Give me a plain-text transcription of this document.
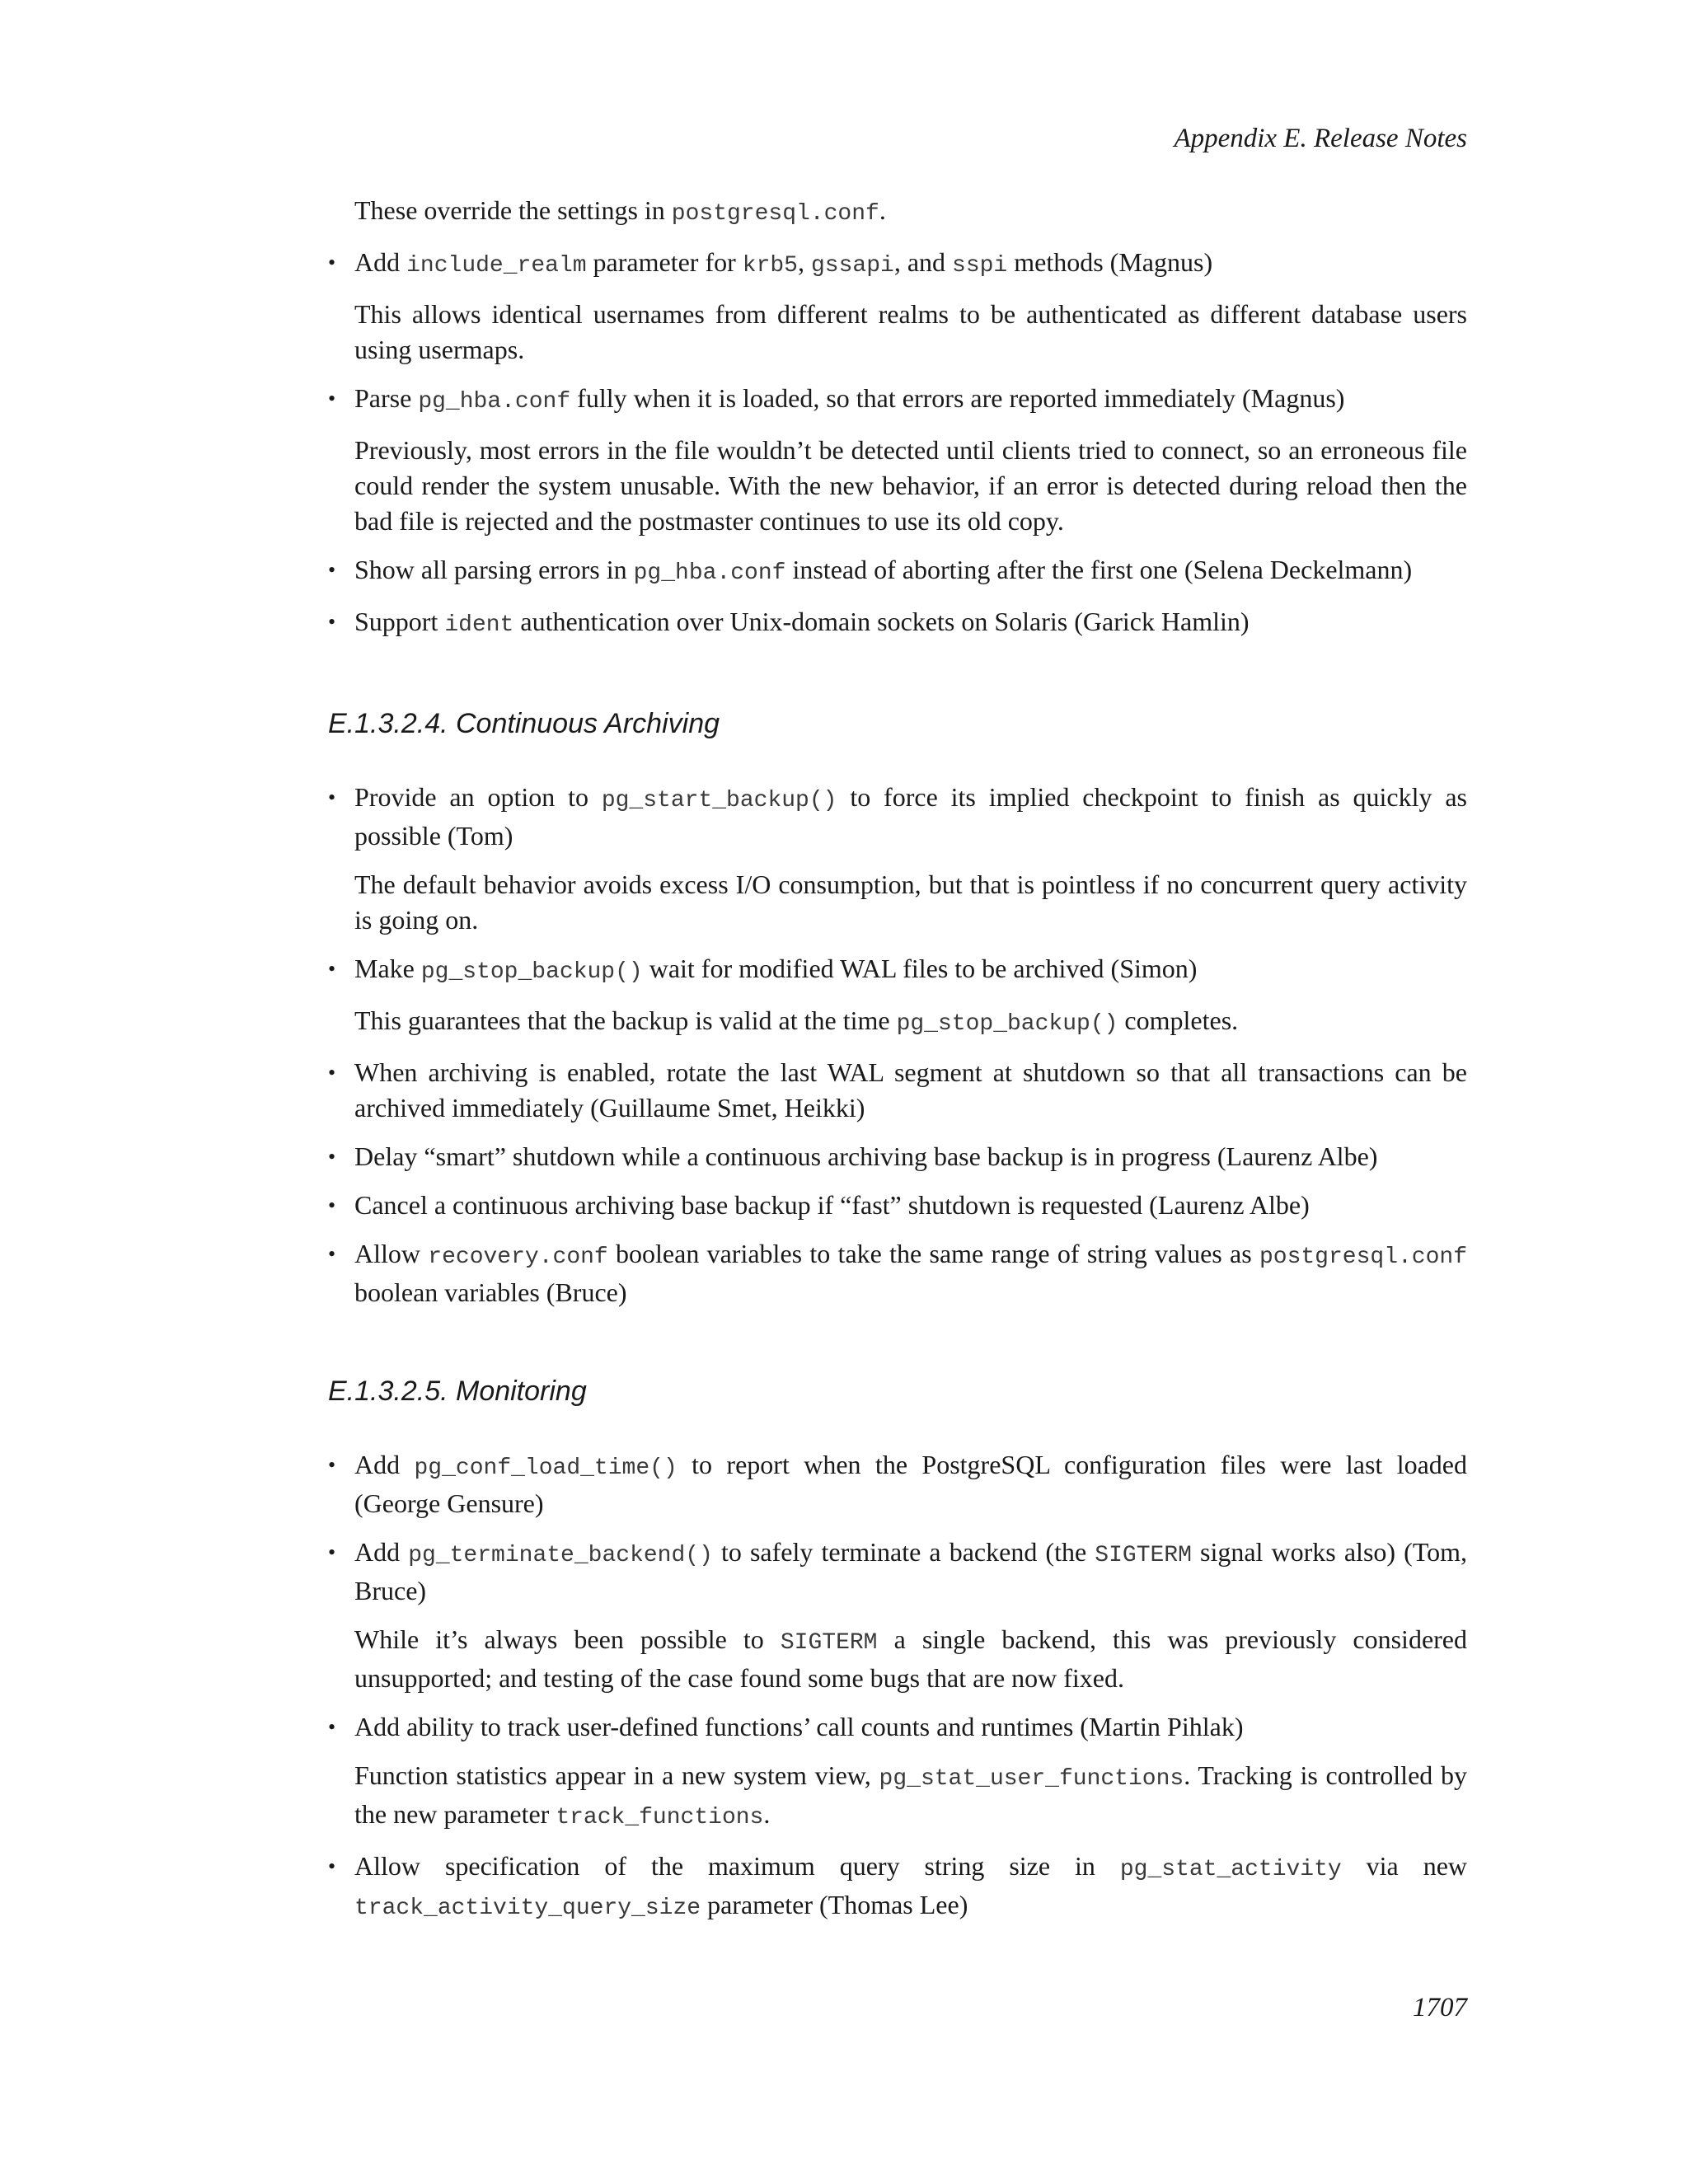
Appendix E. Release Notes

These override the settings in postgresql.conf.

• Add include_realm parameter for krb5, gssapi, and sspi methods (Magnus)
This allows identical usernames from different realms to be authenticated as different database users using usermaps.
• Parse pg_hba.conf fully when it is loaded, so that errors are reported immediately (Magnus)
Previously, most errors in the file wouldn’t be detected until clients tried to connect, so an erroneous file could render the system unusable. With the new behavior, if an error is detected during reload then the bad file is rejected and the postmaster continues to use its old copy.
• Show all parsing errors in pg_hba.conf instead of aborting after the first one (Selena Deckelmann)
• Support ident authentication over Unix-domain sockets on Solaris (Garick Hamlin)
E.1.3.2.4. Continuous Archiving
• Provide an option to pg_start_backup() to force its implied checkpoint to finish as quickly as possible (Tom)
The default behavior avoids excess I/O consumption, but that is pointless if no concurrent query activity is going on.
• Make pg_stop_backup() wait for modified WAL files to be archived (Simon)
This guarantees that the backup is valid at the time pg_stop_backup() completes.
• When archiving is enabled, rotate the last WAL segment at shutdown so that all transactions can be archived immediately (Guillaume Smet, Heikki)
• Delay “smart” shutdown while a continuous archiving base backup is in progress (Laurenz Albe)
• Cancel a continuous archiving base backup if “fast” shutdown is requested (Laurenz Albe)
• Allow recovery.conf boolean variables to take the same range of string values as postgresql.conf boolean variables (Bruce)
E.1.3.2.5. Monitoring
• Add pg_conf_load_time() to report when the PostgreSQL configuration files were last loaded (George Gensure)
• Add pg_terminate_backend() to safely terminate a backend (the SIGTERM signal works also) (Tom, Bruce)
While it’s always been possible to SIGTERM a single backend, this was previously considered unsupported; and testing of the case found some bugs that are now fixed.
• Add ability to track user-defined functions’ call counts and runtimes (Martin Pihlak)
Function statistics appear in a new system view, pg_stat_user_functions. Tracking is controlled by the new parameter track_functions.
• Allow specification of the maximum query string size in pg_stat_activity via new track_activity_query_size parameter (Thomas Lee)
1707
